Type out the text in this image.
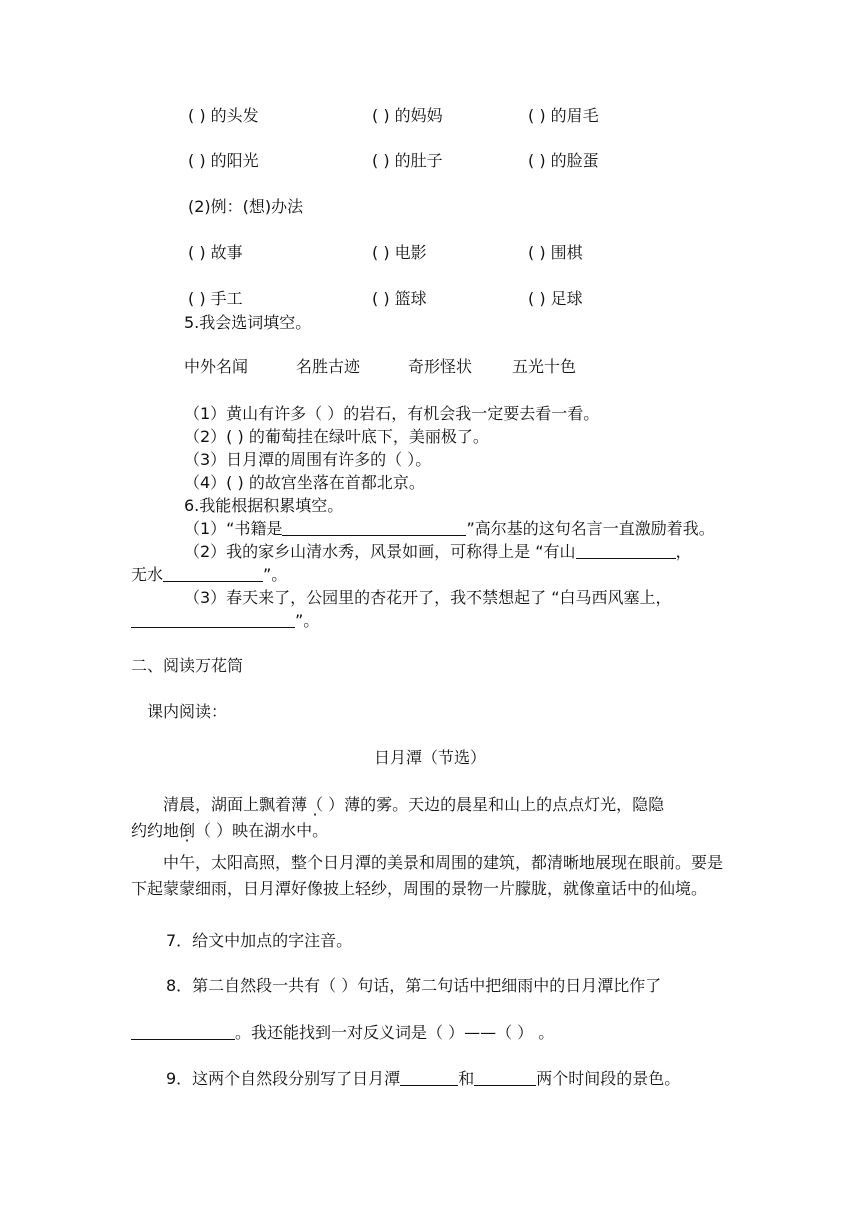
( ) 的头发	( ) 的妈妈	( ) 的眉毛
( ) 的阳光	( ) 的肚子	( ) 的脸蛋
(2)例：(想)办法
( ) 故事	( ) 电影	( ) 围棋
( ) 手工	( ) 篮球	( ) 足球
5.我会选词填空。
中外名闻	名胜古迹	奇形怪状 五光十色
（1）黄山有许多（ ）的岩石，有机会我一定要去看一看。
（2）( ) 的葡萄挂在绿叶底下，美丽极了。
（3）日月潭的周围有许多的（ ）。
（4）( ) 的故宫坐落在首都北京。
6.我能根据积累填空。
（1）“书籍是	”高尔基的这句名言一直激励着我。
（2）我的家乡山清水秀，风景如画，可称得上是 “有山	，
无水	”。
（3）春天来了，公园里的杏花开了，我不禁想起了 “白马西风塞上，
”。
二、阅读万花筒
课内阅读：
日月潭（节选）

清晨，湖面上飘着薄（ ）薄的雾。天边的晨星和山上的点点灯光，隐隐

约约地倒（ ）映在湖水中。

中午，太阳高照，整个日月潭的美景和周围的建筑，都清晰地展现在眼前。要是下起蒙蒙细雨，日月潭好像披上轻纱，周围的景物一片朦胧，就像童话中的仙境。

7．给文中加点的字注音。
8．第二自然段一共有（ ）句话，第二句话中把细雨中的日月潭比作了
。我还能找到一对反义词是（ ）——（ ） 。
9．这两个自然段分别写了日月潭	和	两个时间段的景色。
